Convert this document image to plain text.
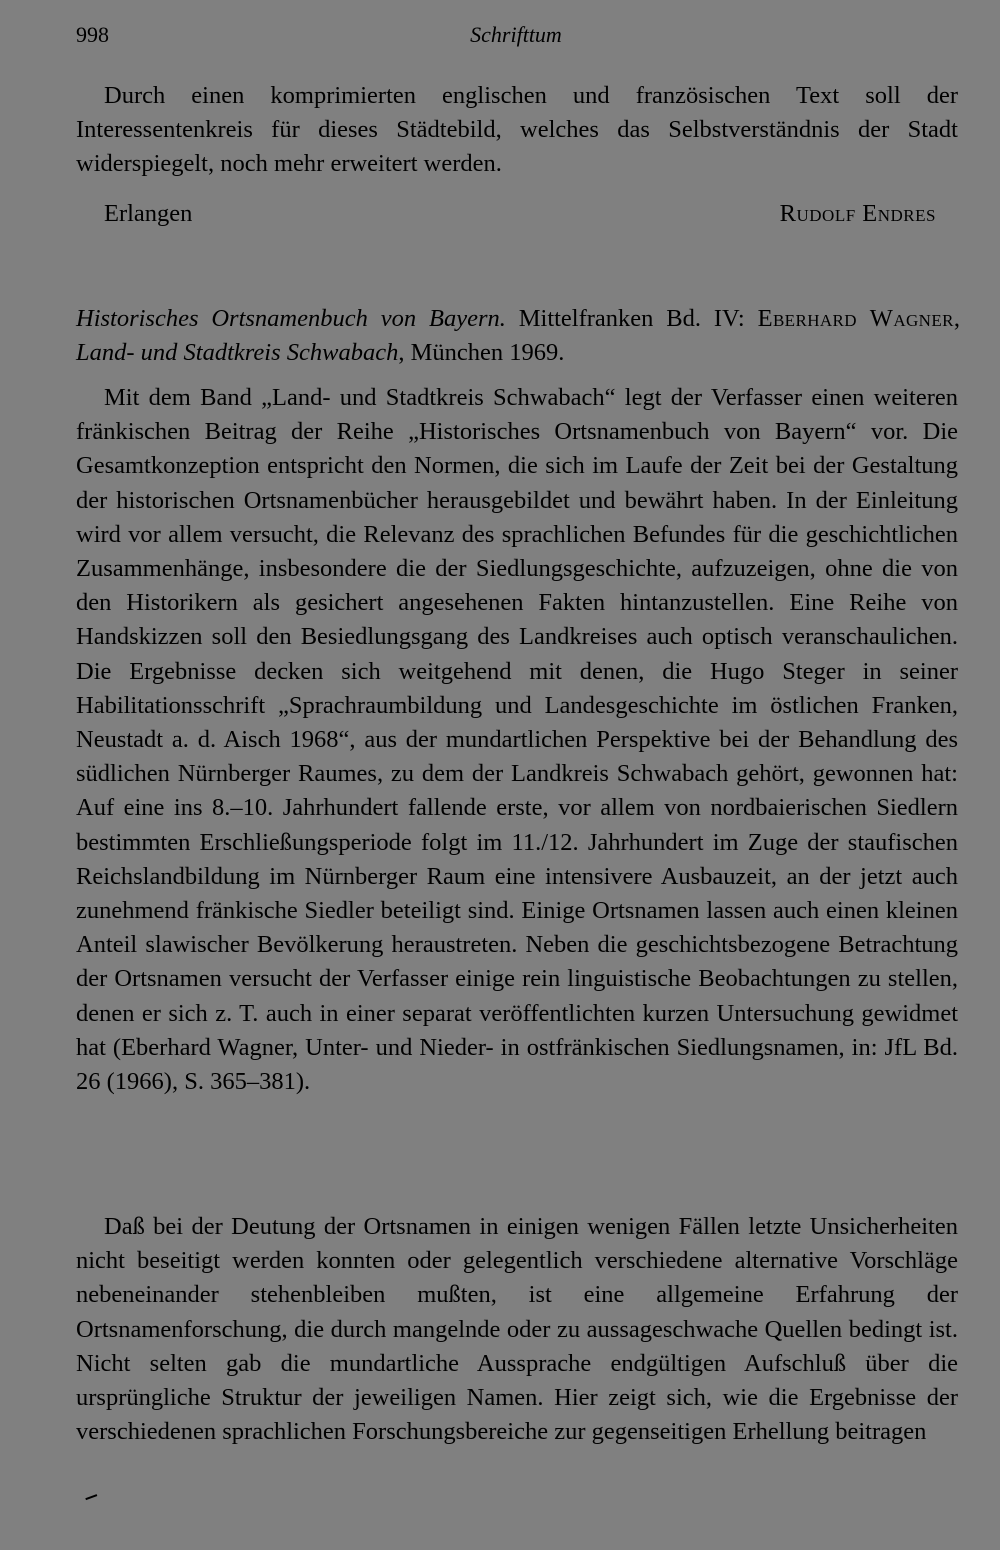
998	Schrifttum

Durch einen komprimierten englischen und französischen Text soll der Interessentenkreis für dieses Städtebild, welches das Selbstverständnis der Stadt widerspiegelt, noch mehr erweitert werden.

Erlangen	Rudolf Endres

Historisches Ortsnamenbuch von Bayern. Mittelfranken Bd. IV: Eberhard Wagner, Land- und Stadtkreis Schwabach, München 1969.

Mit dem Band „Land- und Stadtkreis Schwabach“ legt der Verfasser einen weiteren fränkischen Beitrag der Reihe „Historisches Ortsnamenbuch von Bayern“ vor. Die Gesamtkonzeption entspricht den Normen, die sich im Laufe der Zeit bei der Gestaltung der historischen Ortsnamenbücher herausgebildet und bewährt haben. In der Einleitung wird vor allem versucht, die Relevanz des sprachlichen Befundes für die geschichtlichen Zusammenhänge, insbesondere die der Siedlungsgeschichte, aufzuzeigen, ohne die von den Historikern als gesichert angesehenen Fakten hintanzustellen. Eine Reihe von Handskizzen soll den Besiedlungsgang des Landkreises auch optisch veranschaulichen. Die Ergebnisse decken sich weitgehend mit denen, die Hugo Steger in seiner Habilitationsschrift „Sprachraumbildung und Landesgeschichte im östlichen Franken, Neustadt a. d. Aisch 1968“, aus der mundartlichen Perspektive bei der Behandlung des südlichen Nürnberger Raumes, zu dem der Landkreis Schwabach gehört, gewonnen hat: Auf eine ins 8.–10. Jahrhundert fallende erste, vor allem von nordbaierischen Siedlern bestimmten Erschließungsperiode folgt im 11./12. Jahrhundert im Zuge der staufischen Reichslandbildung im Nürnberger Raum eine intensivere Ausbauzeit, an der jetzt auch zunehmend fränkische Siedler beteiligt sind. Einige Ortsnamen lassen auch einen kleinen Anteil slawischer Bevölkerung heraustreten. Neben die geschichtsbezogene Betrachtung der Ortsnamen versucht der Verfasser einige rein linguistische Beobachtungen zu stellen, denen er sich z. T. auch in einer separat veröffentlichten kurzen Untersuchung gewidmet hat (Eberhard Wagner, Unter- und Nieder- in ostfränkischen Siedlungsnamen, in: JfL Bd. 26 (1966), S. 365–381).

Daß bei der Deutung der Ortsnamen in einigen wenigen Fällen letzte Unsicherheiten nicht beseitigt werden konnten oder gelegentlich verschiedene alternative Vorschläge nebeneinander stehenbleiben mußten, ist eine allgemeine Erfahrung der Ortsnamenforschung, die durch mangelnde oder zu aussageschwache Quellen bedingt ist. Nicht selten gab die mundartliche Aussprache endgültigen Aufschluß über die ursprüngliche Struktur der jeweiligen Namen. Hier zeigt sich, wie die Ergebnisse der verschiedenen sprachlichen Forschungsbereiche zur gegenseitigen Erhellung beitragen
